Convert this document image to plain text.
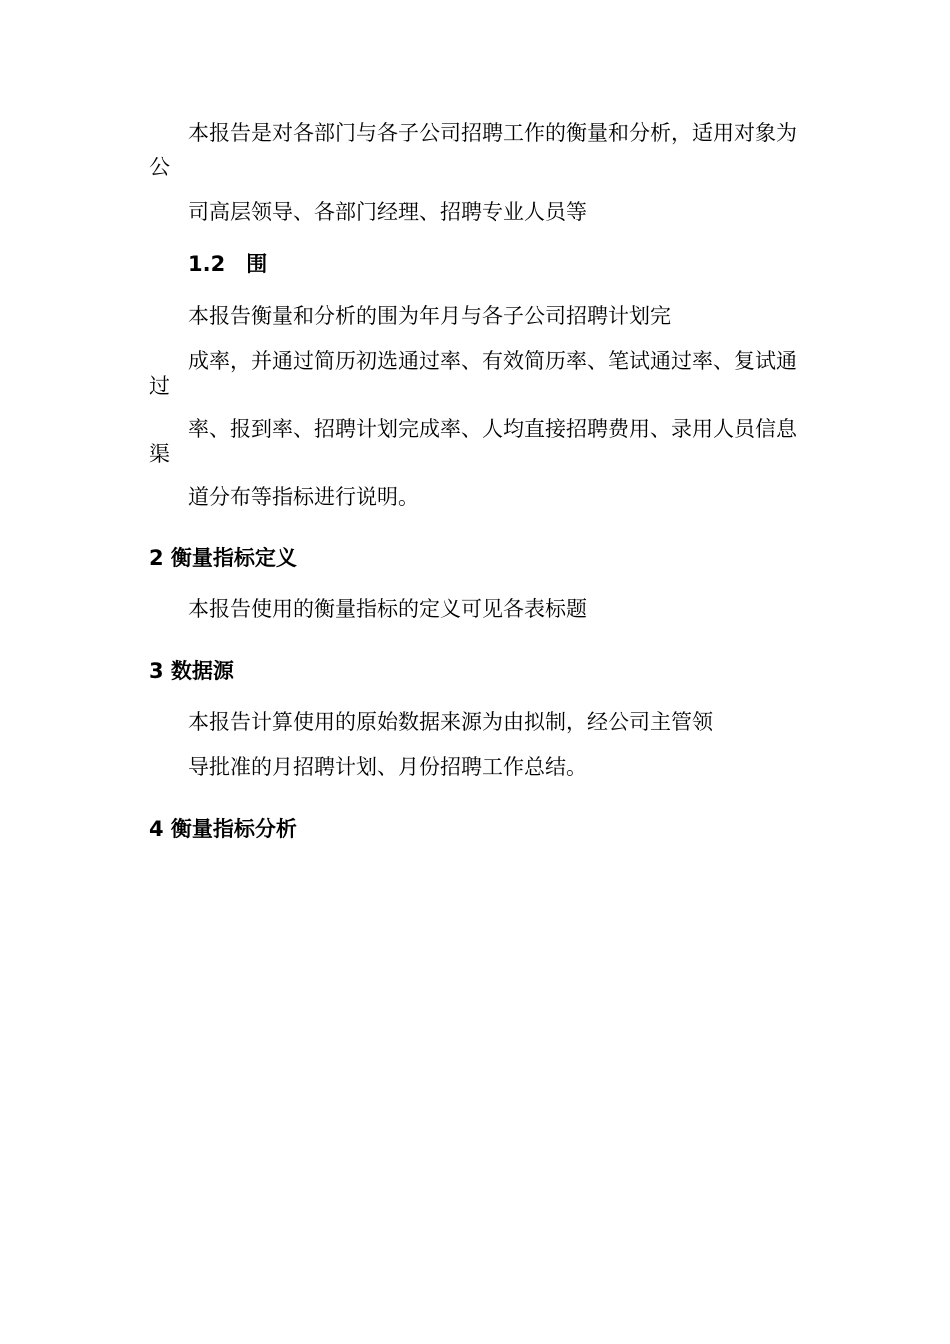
本报告是对各部门与各子公司招聘工作的衡量和分析，适用对象为

公

司高层领导、各部门经理、招聘专业人员等

1.2　围

本报告衡量和分析的围为年月与各子公司招聘计划完

成率，并通过简历初选通过率、有效简历率、笔试通过率、复试通

过

率、报到率、招聘计划完成率、人均直接招聘费用、录用人员信息

渠

道分布等指标进行说明。

2 衡量指标定义

本报告使用的衡量指标的定义可见各表标题

3 数据源

本报告计算使用的原始数据来源为由拟制，经公司主管领

导批准的月招聘计划、月份招聘工作总结。

4 衡量指标分析
